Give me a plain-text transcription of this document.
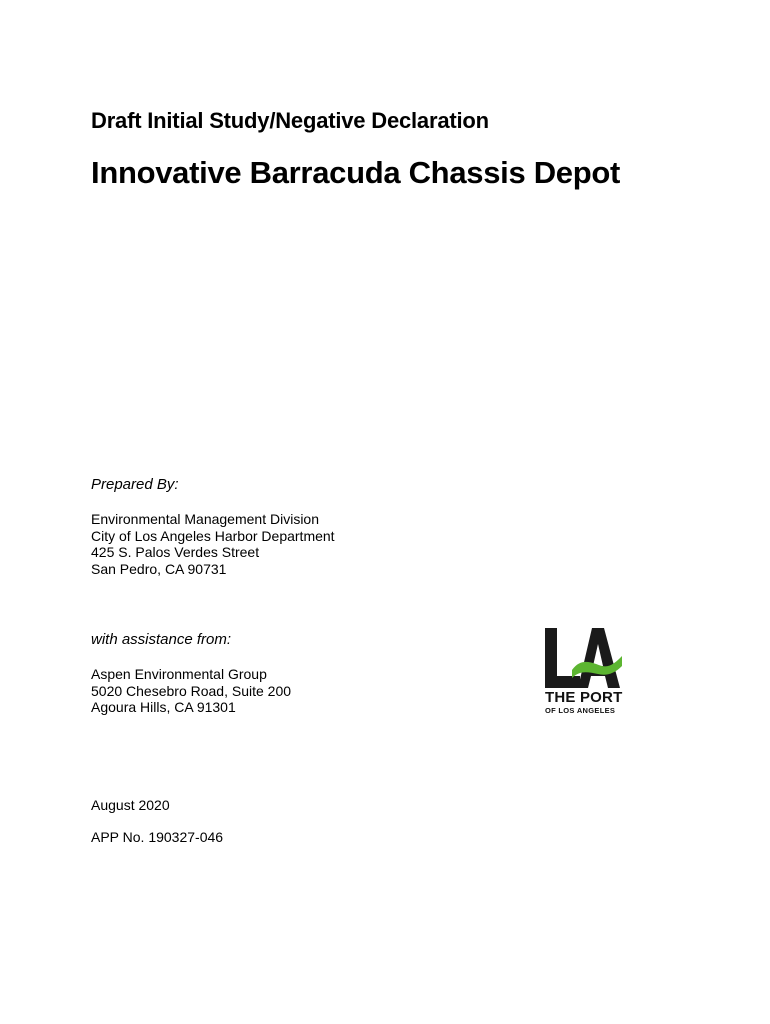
Draft Initial Study/Negative Declaration
Innovative Barracuda Chassis Depot
Prepared By:
Environmental Management Division
City of Los Angeles Harbor Department
425 S. Palos Verdes Street
San Pedro, CA 90731
with assistance from:
Aspen Environmental Group
5020 Chesebro Road, Suite 200
Agoura Hills, CA 91301
THE PORT
OF LOS ANGELES
August 2020
APP No. 190327-046
